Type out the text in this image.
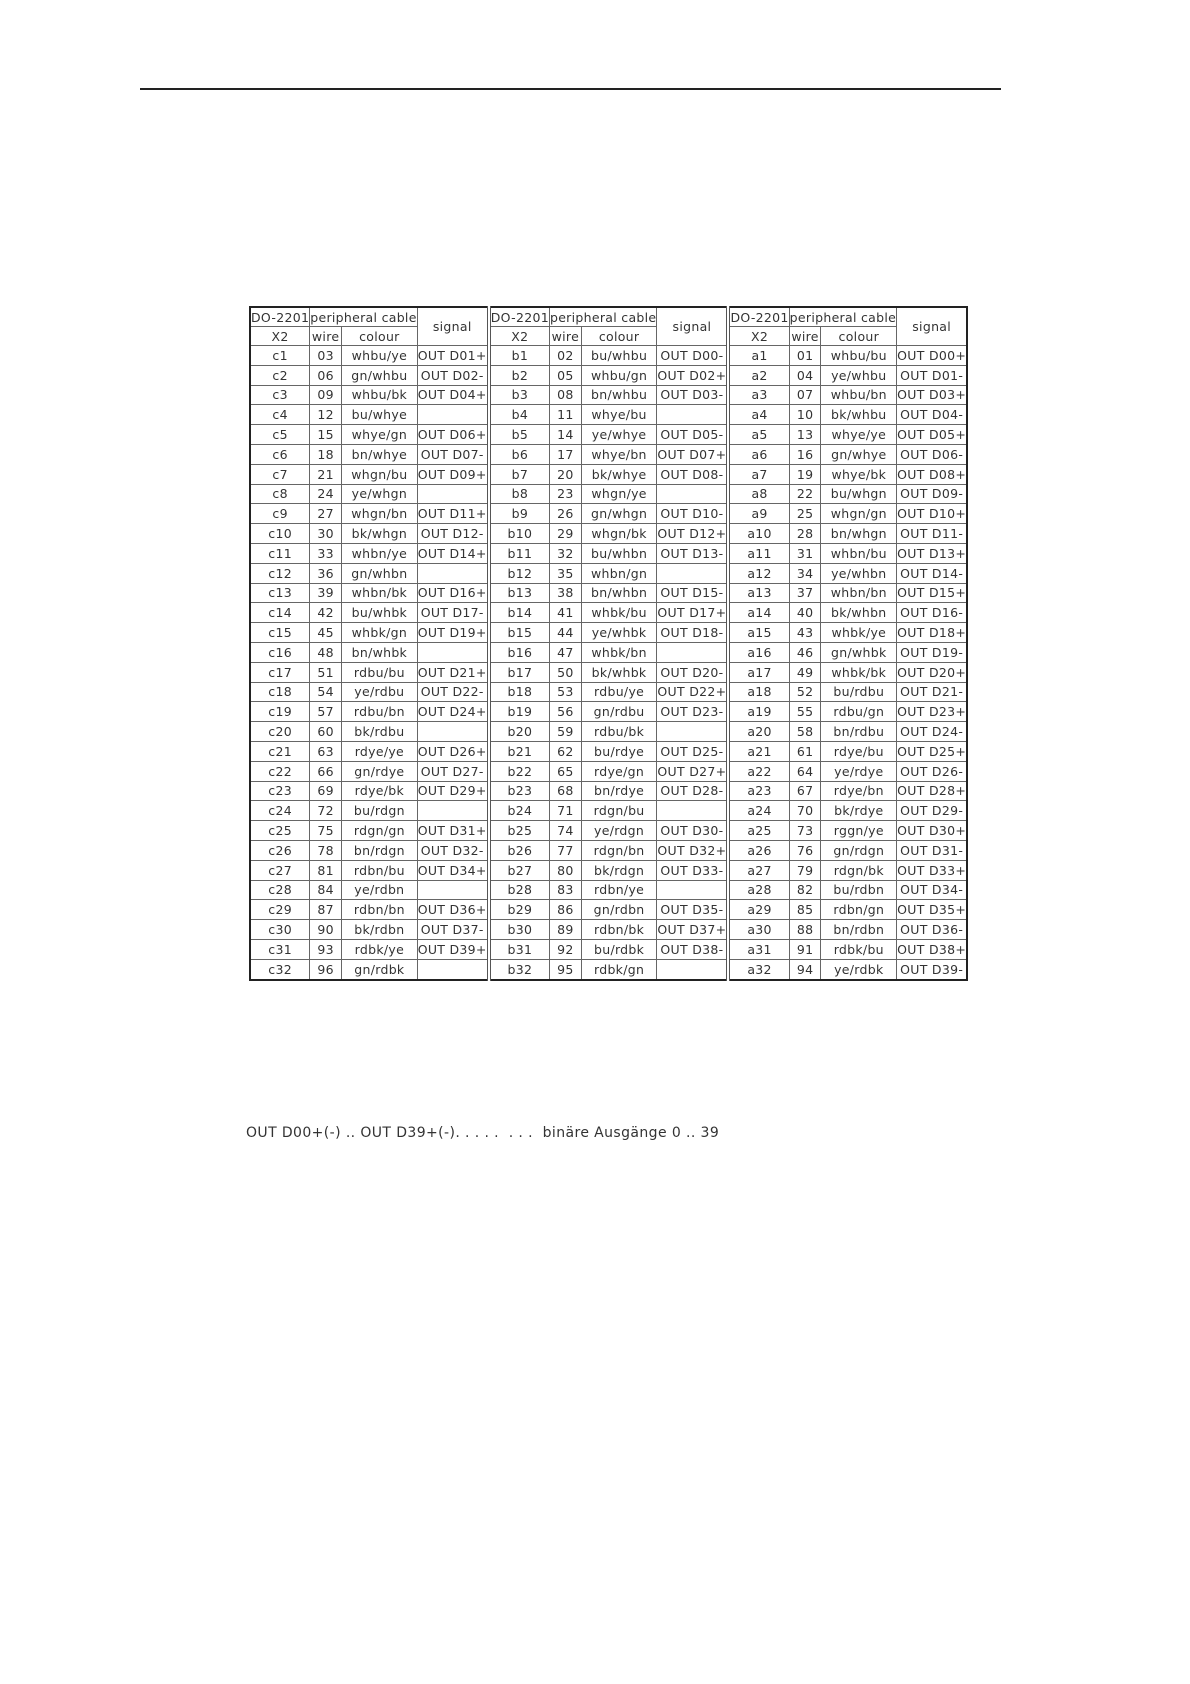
DO-2201	peripheral cable		signal	DO-2201	peripheral cable		signal	DO-2201	peripheral cable		signal
X2	wire	colour		X2	wire	colour		X2	wire	colour	
c1	03	whbu/ye	OUT D01+	b1	02	bu/whbu	OUT D00-	a1	01	whbu/bu	OUT D00+
c2	06	gn/whbu	OUT D02-	b2	05	whbu/gn	OUT D02+	a2	04	ye/whbu	OUT D01-
c3	09	whbu/bk	OUT D04+	b3	08	bn/whbu	OUT D03-	a3	07	whbu/bn	OUT D03+
c4	12	bu/whye		b4	11	whye/bu		a4	10	bk/whbu	OUT D04-
c5	15	whye/gn	OUT D06+	b5	14	ye/whye	OUT D05-	a5	13	whye/ye	OUT D05+
c6	18	bn/whye	OUT D07-	b6	17	whye/bn	OUT D07+	a6	16	gn/whye	OUT D06-
c7	21	whgn/bu	OUT D09+	b7	20	bk/whye	OUT D08-	a7	19	whye/bk	OUT D08+
c8	24	ye/whgn		b8	23	whgn/ye		a8	22	bu/whgn	OUT D09-
c9	27	whgn/bn	OUT D11+	b9	26	gn/whgn	OUT D10-	a9	25	whgn/gn	OUT D10+
c10	30	bk/whgn	OUT D12-	b10	29	whgn/bk	OUT D12+	a10	28	bn/whgn	OUT D11-
c11	33	whbn/ye	OUT D14+	b11	32	bu/whbn	OUT D13-	a11	31	whbn/bu	OUT D13+
c12	36	gn/whbn		b12	35	whbn/gn		a12	34	ye/whbn	OUT D14-
c13	39	whbn/bk	OUT D16+	b13	38	bn/whbn	OUT D15-	a13	37	whbn/bn	OUT D15+
c14	42	bu/whbk	OUT D17-	b14	41	whbk/bu	OUT D17+	a14	40	bk/whbn	OUT D16-
c15	45	whbk/gn	OUT D19+	b15	44	ye/whbk	OUT D18-	a15	43	whbk/ye	OUT D18+
c16	48	bn/whbk		b16	47	whbk/bn		a16	46	gn/whbk	OUT D19-
c17	51	rdbu/bu	OUT D21+	b17	50	bk/whbk	OUT D20-	a17	49	whbk/bk	OUT D20+
c18	54	ye/rdbu	OUT D22-	b18	53	rdbu/ye	OUT D22+	a18	52	bu/rdbu	OUT D21-
c19	57	rdbu/bn	OUT D24+	b19	56	gn/rdbu	OUT D23-	a19	55	rdbu/gn	OUT D23+
c20	60	bk/rdbu		b20	59	rdbu/bk		a20	58	bn/rdbu	OUT D24-
c21	63	rdye/ye	OUT D26+	b21	62	bu/rdye	OUT D25-	a21	61	rdye/bu	OUT D25+
c22	66	gn/rdye	OUT D27-	b22	65	rdye/gn	OUT D27+	a22	64	ye/rdye	OUT D26-
c23	69	rdye/bk	OUT D29+	b23	68	bn/rdye	OUT D28-	a23	67	rdye/bn	OUT D28+
c24	72	bu/rdgn		b24	71	rdgn/bu		a24	70	bk/rdye	OUT D29-
c25	75	rdgn/gn	OUT D31+	b25	74	ye/rdgn	OUT D30-	a25	73	rggn/ye	OUT D30+
c26	78	bn/rdgn	OUT D32-	b26	77	rdgn/bn	OUT D32+	a26	76	gn/rdgn	OUT D31-
c27	81	rdbn/bu	OUT D34+	b27	80	bk/rdgn	OUT D33-	a27	79	rdgn/bk	OUT D33+
c28	84	ye/rdbn		b28	83	rdbn/ye		a28	82	bu/rdbn	OUT D34-
c29	87	rdbn/bn	OUT D36+	b29	86	gn/rdbn	OUT D35-	a29	85	rdbn/gn	OUT D35+
c30	90	bk/rdbn	OUT D37-	b30	89	rdbn/bk	OUT D37+	a30	88	bn/rdbn	OUT D36-
c31	93	rdbk/ye	OUT D39+	b31	92	bu/rdbk	OUT D38-	a31	91	rdbk/bu	OUT D38+
c32	96	gn/rdbk		b32	95	rdbk/gn		a32	94	ye/rdbk	OUT D39-
OUT D00+(-) .. OUT D39+(-). . . . .  . . .  binäre Ausgänge 0 .. 39
